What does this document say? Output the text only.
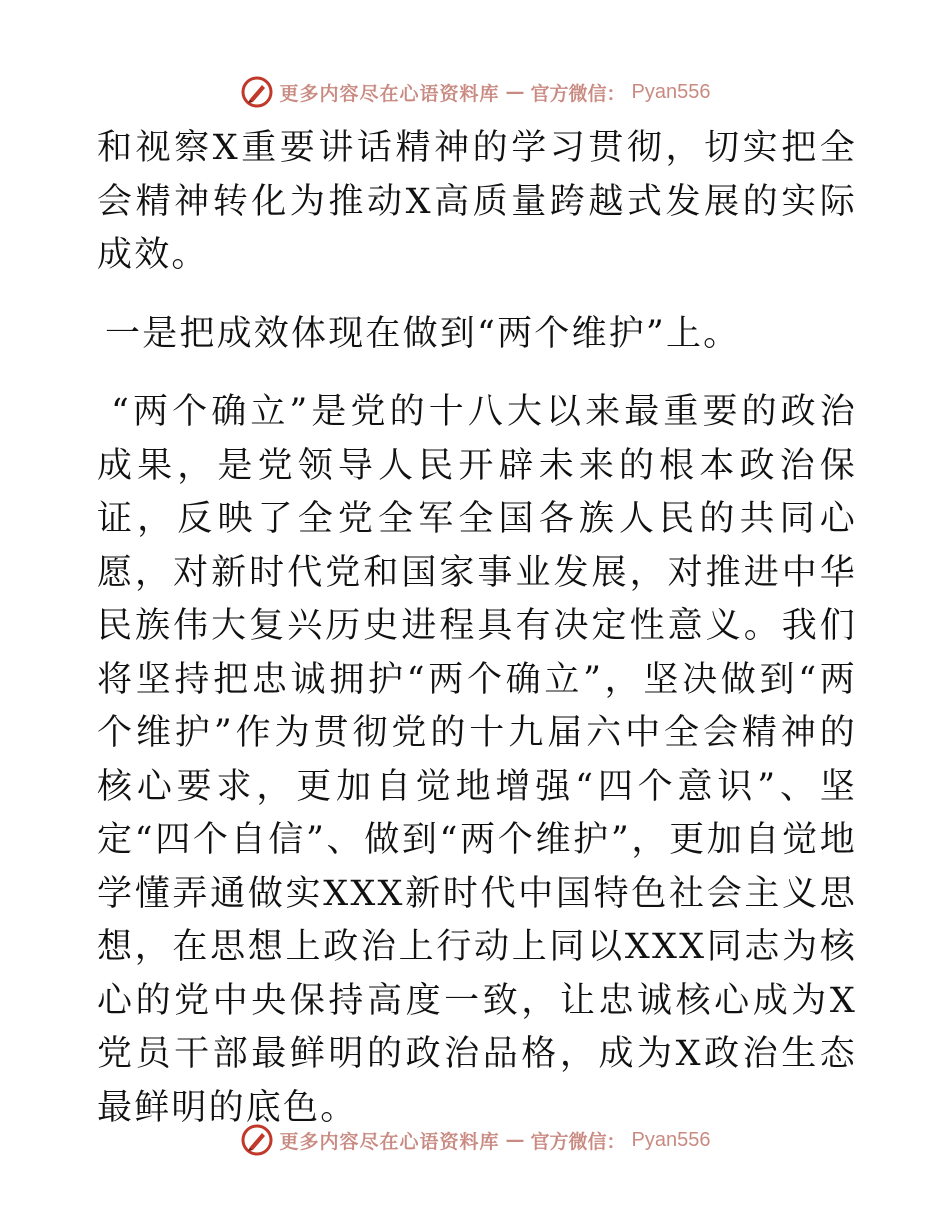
更多内容尽在心语资料库 — 官方微信： Pyan556

和视察X重要讲话精神的学习贯彻，切实把全会精神转化为推动X高质量跨越式发展的实际成效。

一是把成效体现在做到“两个维护”上。

“两个确立”是党的十八大以来最重要的政治成果，是党领导人民开辟未来的根本政治保证，反映了全党全军全国各族人民的共同心愿，对新时代党和国家事业发展，对推进中华民族伟大复兴历史进程具有决定性意义。我们将坚持把忠诚拥护“两个确立”，坚决做到“两个维护”作为贯彻党的十九届六中全会精神的核心要求，更加自觉地增强“四个意识”、坚定“四个自信”、做到“两个维护”，更加自觉地学懂弄通做实XXX新时代中国特色社会主义思想，在思想上政治上行动上同以XXX同志为核心的党中央保持高度一致，让忠诚核心成为X党员干部最鲜明的政治品格，成为X政治生态最鲜明的底色。

更多内容尽在心语资料库 — 官方微信： Pyan556
